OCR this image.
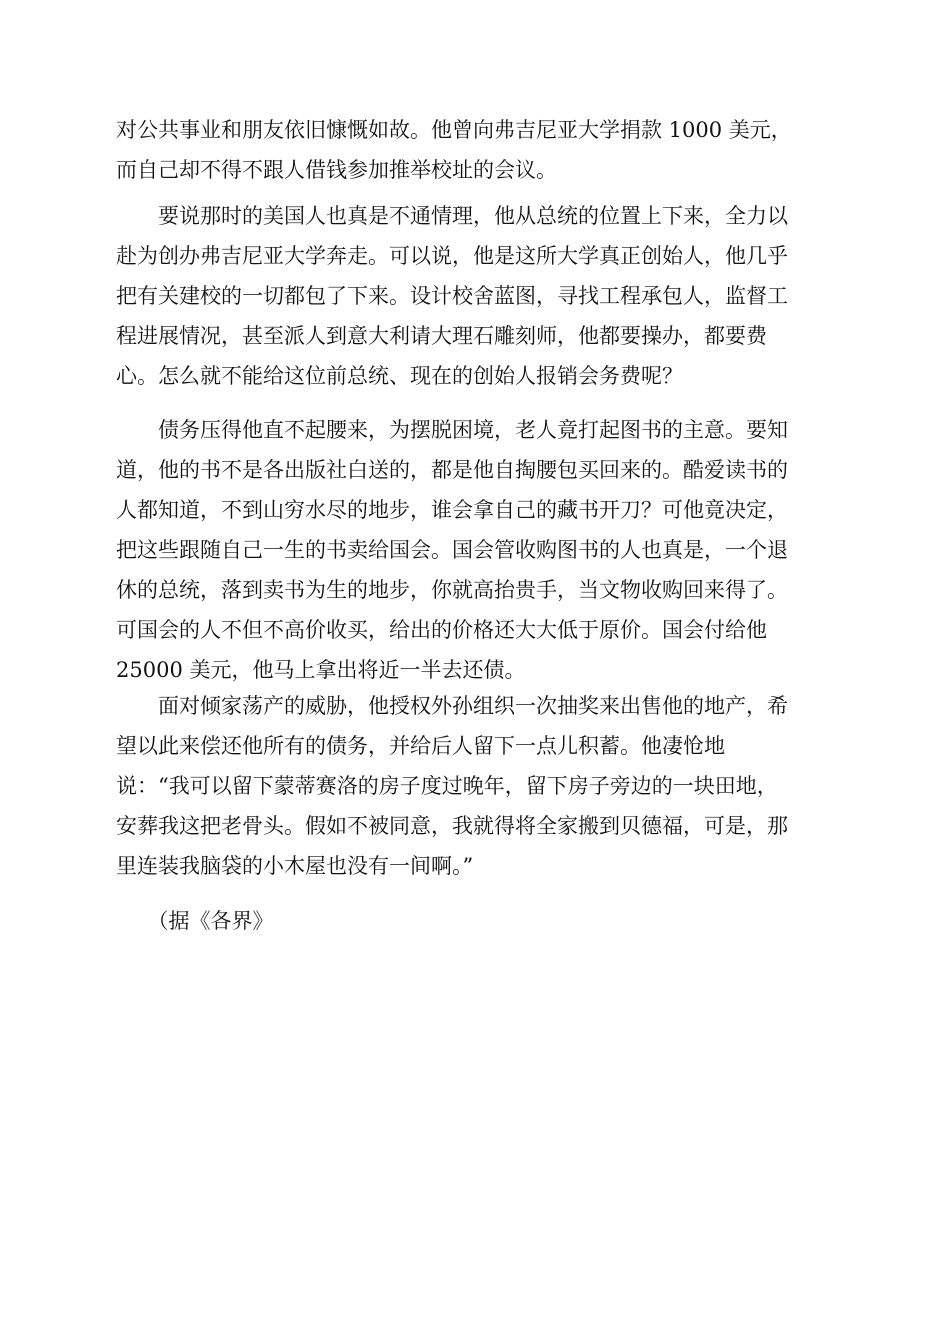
对公共事业和朋友依旧慷慨如故。他曾向弗吉尼亚大学捐款 1000 美元，
而自己却不得不跟人借钱参加推举校址的会议。
　　要说那时的美国人也真是不通情理，他从总统的位置上下来，全力以
赴为创办弗吉尼亚大学奔走。可以说，他是这所大学真正创始人，他几乎
把有关建校的一切都包了下来。设计校舍蓝图，寻找工程承包人，监督工
程进展情况，甚至派人到意大利请大理石雕刻师，他都要操办，都要费
心。怎么就不能给这位前总统、现在的创始人报销会务费呢？
　　债务压得他直不起腰来，为摆脱困境，老人竟打起图书的主意。要知
道，他的书不是各出版社白送的，都是他自掏腰包买回来的。酷爱读书的
人都知道，不到山穷水尽的地步，谁会拿自己的藏书开刀？可他竟决定，
把这些跟随自己一生的书卖给国会。国会管收购图书的人也真是，一个退
休的总统，落到卖书为生的地步，你就高抬贵手，当文物收购回来得了。
可国会的人不但不高价收买，给出的价格还大大低于原价。国会付给他
25000 美元，他马上拿出将近一半去还债。
　　面对倾家荡产的威胁，他授权外孙组织一次抽奖来出售他的地产，希
望以此来偿还他所有的债务，并给后人留下一点儿积蓄。他凄怆地
说：“我可以留下蒙蒂赛洛的房子度过晚年，留下房子旁边的一块田地，
安葬我这把老骨头。假如不被同意，我就得将全家搬到贝德福，可是，那
里连装我脑袋的小木屋也没有一间啊。”
　　（据《各界》
